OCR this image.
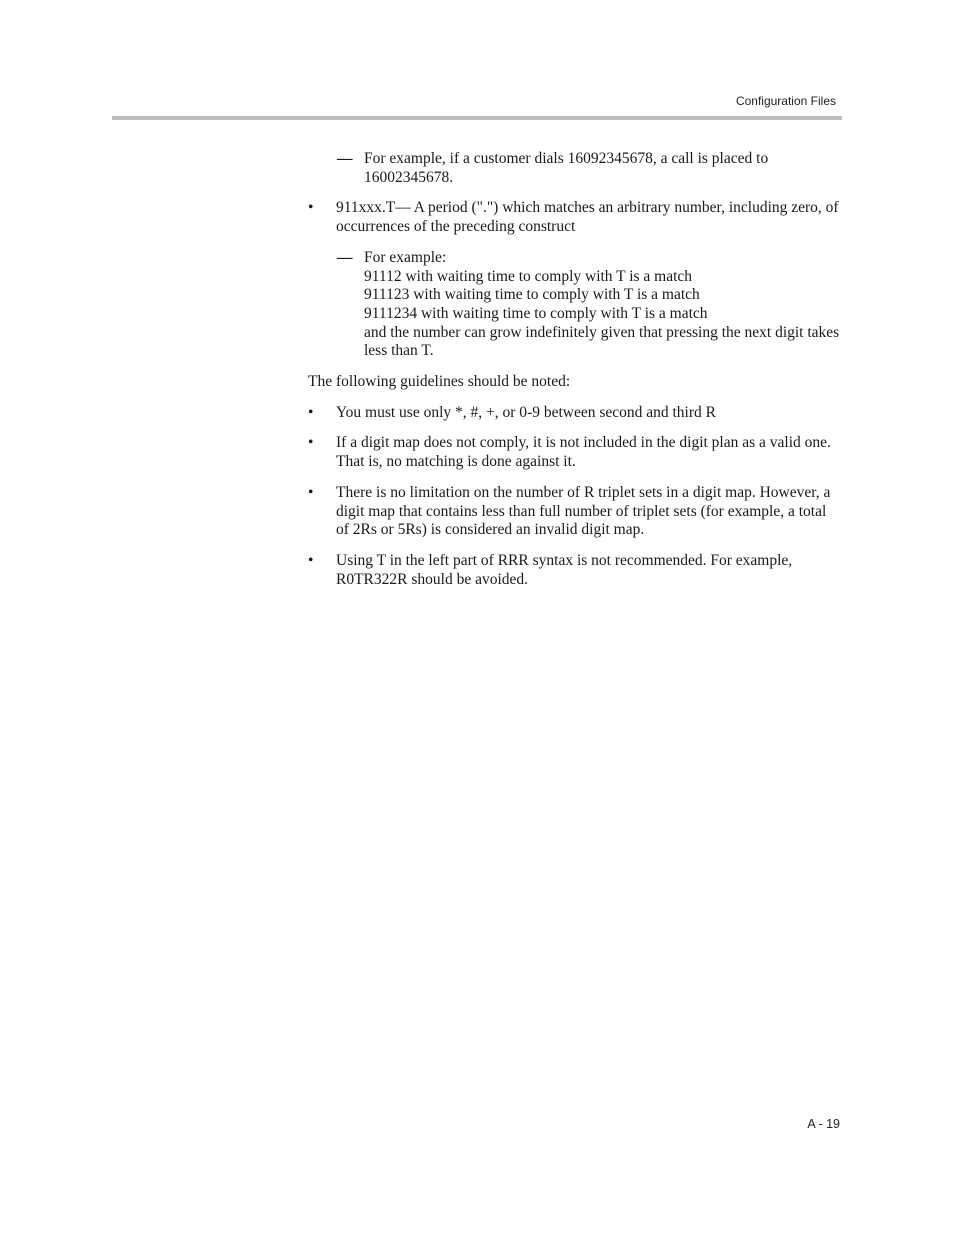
Configuration Files
— For example, if a customer dials 16092345678, a call is placed to 16002345678.
• 911xxx.T— A period (".") which matches an arbitrary number, including zero, of occurrences of the preceding construct
— For example:
91112 with waiting time to comply with T is a match
911123 with waiting time to comply with T is a match
9111234 with waiting time to comply with T is a match
and the number can grow indefinitely given that pressing the next digit takes less than T.

The following guidelines should be noted:

• You must use only *, #, +, or 0-9 between second and third R
• If a digit map does not comply, it is not included in the digit plan as a valid one. That is, no matching is done against it.
• There is no limitation on the number of R triplet sets in a digit map. However, a digit map that contains less than full number of triplet sets (for example, a total of 2Rs or 5Rs) is considered an invalid digit map.
• Using T in the left part of RRR syntax is not recommended. For example, R0TR322R should be avoided.
A - 19
